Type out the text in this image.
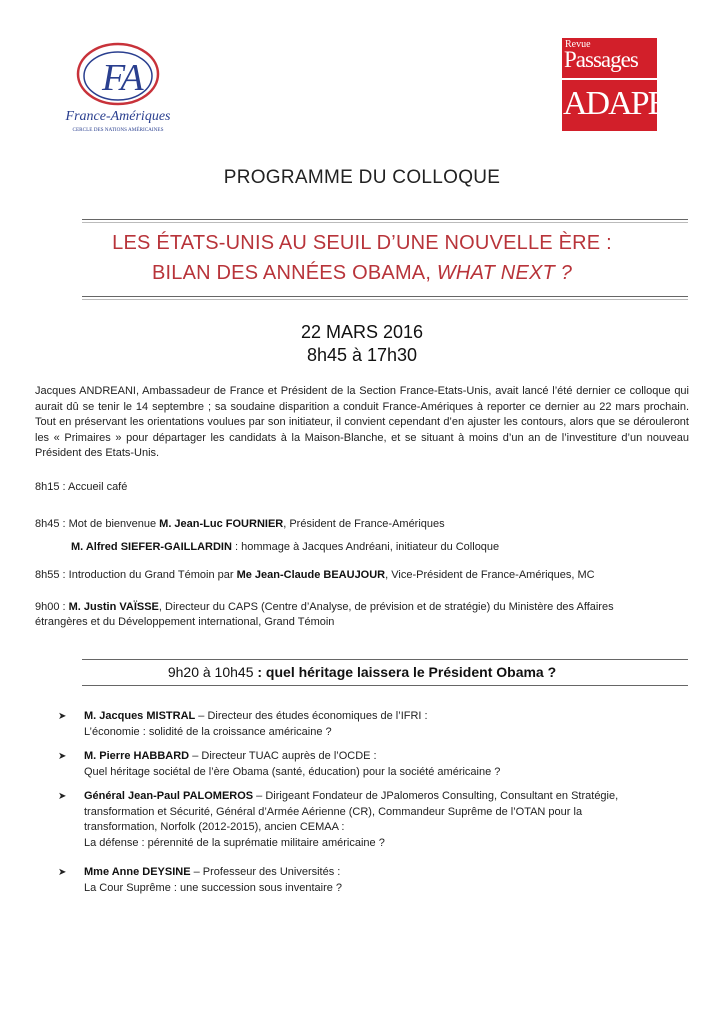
FA
France-Amériques
CERCLE DES NATIONS AMÉRICAINES
Revue
Passages
ADAPES
PROGRAMME DU COLLOQUE
LES ÉTATS-UNIS AU SEUIL D’UNE NOUVELLE ÈRE :
BILAN DES ANNÉES OBAMA, WHAT NEXT ?
22 MARS 2016
8h45 à 17h30
Jacques ANDREANI, Ambassadeur de France et Président de la Section France-Etats-Unis, avait lancé l’été dernier ce colloque qui aurait dû se tenir le 14 septembre ; sa soudaine disparition a conduit France-Amériques à reporter ce dernier au 22 mars prochain. Tout en préservant les orientations voulues par son initiateur, il convient cependant d’en ajuster les contours, alors que se dérouleront les « Primaires » pour départager les candidats à la Maison-Blanche, et se situant à moins d’un an de l’investiture d’un nouveau Président des Etats-Unis.
8h15 : Accueil café
8h45 : Mot de bienvenue M. Jean-Luc FOURNIER, Président de France-Amériques
M. Alfred SIEFER-GAILLARDIN : hommage à Jacques Andréani, initiateur du Colloque
8h55 : Introduction du Grand Témoin par Me Jean-Claude BEAUJOUR, Vice-Président de France-Amériques, MC
9h00 : M. Justin VAÏSSE, Directeur du CAPS (Centre d’Analyse, de prévision et de stratégie) du Ministère des Affaires
étrangères et du Développement international, Grand Témoin
9h20 à 10h45 : quel héritage laissera le Président Obama ?
➤	M. Jacques MISTRAL – Directeur des études économiques de l’IFRI :
L’économie : solidité de la croissance américaine ?
➤	M. Pierre HABBARD – Directeur TUAC auprès de l’OCDE :
Quel héritage sociétal de l’ère Obama (santé, éducation) pour la société américaine ?
➤	Général Jean-Paul PALOMEROS – Dirigeant Fondateur de JPalomeros Consulting, Consultant en Stratégie,
transformation et Sécurité, Général d’Armée Aérienne (CR), Commandeur Suprême de l’OTAN pour la
transformation, Norfolk (2012-2015), ancien CEMAA :
La défense : pérennité de la suprématie militaire américaine ?
➤	Mme Anne DEYSINE – Professeur des Universités :
La Cour Suprême : une succession sous inventaire ?
